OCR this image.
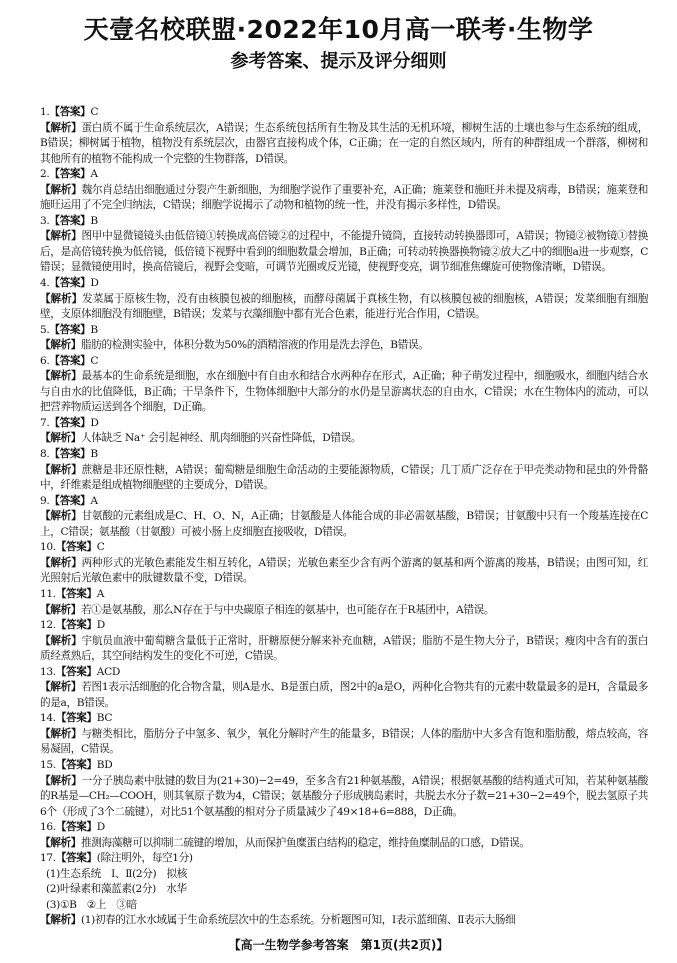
天壹名校联盟·2022年10月高一联考·生物学
参考答案、提示及评分细则

1.【答案】C

【解析】蛋白质不属于生命系统层次，A错误；生态系统包括所有生物及其生活的无机环境，柳树生活的土壤也参与生态系统的组成，B错误；柳树属于植物，植物没有系统层次，由器官直接构成个体，C正确；在一定的自然区域内，所有的种群组成一个群落，柳树和其他所有的植物不能构成一个完整的生物群落，D错误。

2.【答案】A

【解析】魏尔肖总结出细胞通过分裂产生新细胞，为细胞学说作了重要补充，A正确；施莱登和施旺并未提及病毒，B错误；施莱登和施旺运用了不完全归纳法，C错误；细胞学说揭示了动物和植物的统一性，并没有揭示多样性，D错误。

3.【答案】B

【解析】图甲中显微镜镜头由低倍镜①转换成高倍镜②的过程中，不能提升镜筒，直接转动转换器即可，A错误；物镜②被物镜①替换后，是高倍镜转换为低倍镜，低倍镜下视野中看到的细胞数量会增加，B正确；可转动转换器换物镜②放大乙中的细胞a进一步观察，C错误；显微镜使用时，换高倍镜后，视野会变暗，可调节光圈或反光镜，使视野变亮，调节细准焦螺旋可使物像清晰，D错误。

4.【答案】D

【解析】发菜属于原核生物，没有由核膜包被的细胞核，而酵母菌属于真核生物，有以核膜包被的细胞核，A错误；发菜细胞有细胞壁，支原体细胞没有细胞壁，B错误；发菜与衣藻细胞中都有光合色素，能进行光合作用，C错误。

5.【答案】B

【解析】脂肪的检测实验中，体积分数为50%的酒精溶液的作用是洗去浮色，B错误。

6.【答案】C

【解析】最基本的生命系统是细胞，水在细胞中有自由水和结合水两种存在形式，A正确；种子萌发过程中，细胞吸水，细胞内结合水与自由水的比值降低，B正确；干旱条件下，生物体细胞中大部分的水仍是呈游离状态的自由水，C错误；水在生物体内的流动，可以把营养物质运送到各个细胞，D正确。

7.【答案】D

【解析】人体缺乏 Na⁺ 会引起神经、肌肉细胞的兴奋性降低，D错误。

8.【答案】B

【解析】蔗糖是非还原性糖，A错误；葡萄糖是细胞生命活动的主要能源物质，C错误；几丁质广泛存在于甲壳类动物和昆虫的外骨骼中，纤维素是组成植物细胞壁的主要成分，D错误。

9.【答案】A

【解析】甘氨酸的元素组成是C、H、O、N，A正确；甘氨酸是人体能合成的非必需氨基酸，B错误；甘氨酸中只有一个羧基连接在C上，C错误；氨基酸（甘氨酸）可被小肠上皮细胞直接吸收，D错误。

10.【答案】C

【解析】两种形式的光敏色素能发生相互转化，A错误；光敏色素至少含有两个游离的氨基和两个游离的羧基，B错误；由图可知，红光照射后光敏色素中的肽键数量不变，D错误。

11.【答案】A

【解析】若①是氨基酸，那么N存在于与中央碳原子相连的氨基中，也可能存在于R基团中，A错误。

12.【答案】D

【解析】宇航员血液中葡萄糖含量低于正常时，肝糖原便分解来补充血糖，A错误；脂肪不是生物大分子，B错误；瘦肉中含有的蛋白质经煮熟后，其空间结构发生的变化不可逆，C错误。

13.【答案】ACD

【解析】若图1表示活细胞的化合物含量，则A是水、B是蛋白质，图2中的a是O，两种化合物共有的元素中数量最多的是H，含量最多的是a，B错误。

14.【答案】BC

【解析】与糖类相比，脂肪分子中氢多、氧少，氧化分解时产生的能量多，B错误；人体的脂肪中大多含有饱和脂肪酸，熔点较高，容易凝固，C错误。

15.【答案】BD

【解析】一分子胰岛素中肽键的数目为(21+30)−2=49，至多含有21种氨基酸，A错误；根据氨基酸的结构通式可知，若某种氨基酸的R基是—CH₂—COOH，则其氧原子数为4，C错误；氨基酸分子形成胰岛素时，共脱去水分子数=21+30−2=49个，脱去氢原子共6个（形成了3个二硫键），对比51个氨基酸的相对分子质量减少了49×18+6=888，D正确。

16.【答案】D

【解析】推测海藻糖可以抑制二硫键的增加，从而保护鱼糜蛋白结构的稳定，维持鱼糜制品的口感，D错误。

17.【答案】(除注明外，每空1分)

(1)生态系统　Ⅰ、Ⅱ(2分)　拟核

(2)叶绿素和藻蓝素(2分)　水华

(3)①B　②上　③暗

【解析】(1)初春的江水水域属于生命系统层次中的生态系统。分析题图可知，Ⅰ表示蓝细菌、Ⅱ表示大肠细

【高一生物学参考答案　第1页(共2页)】
